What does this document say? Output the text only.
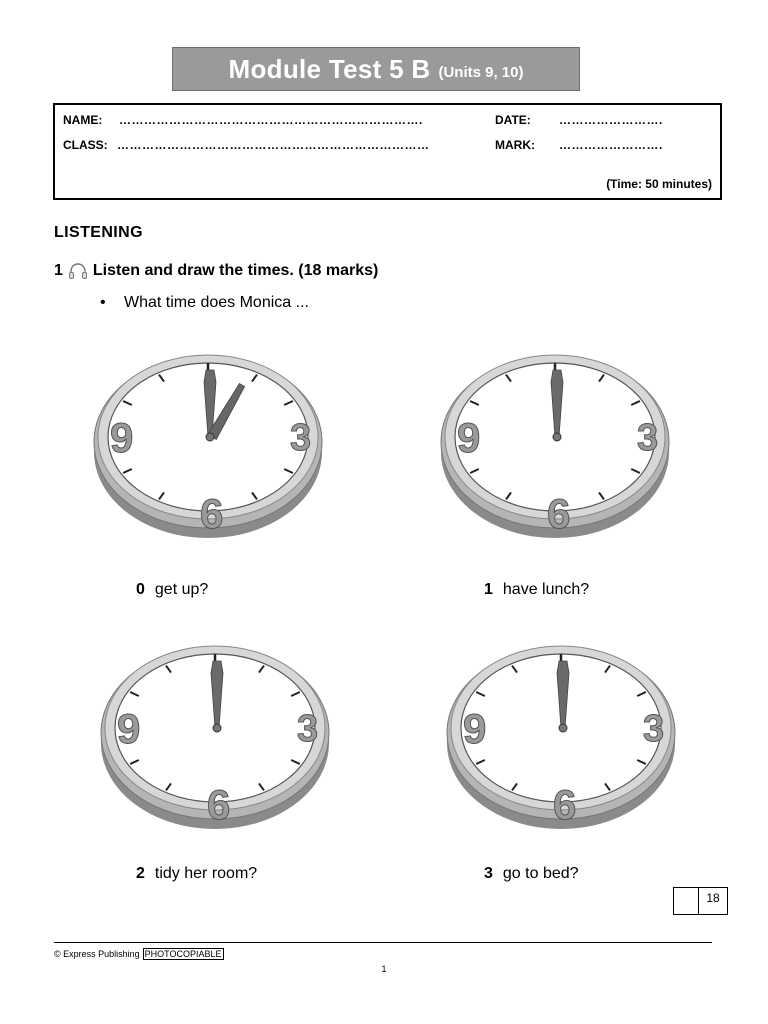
Module Test 5 B (Units 9, 10)
NAME: ……………………………………………………………….	DATE: …………………….
CLASS: …………………………………………………………………	MARK: …………………….
(Time: 50 minutes)
LISTENING
1 Listen and draw the times. (18 marks)
•	What time does Monica ...
9	3
6
0 get up?
9	3
6
1 have lunch?
9	3
6
2 tidy her room?
9	3
6
3 go to bed?
18
© Express Publishing PHOTOCOPIABLE
1
